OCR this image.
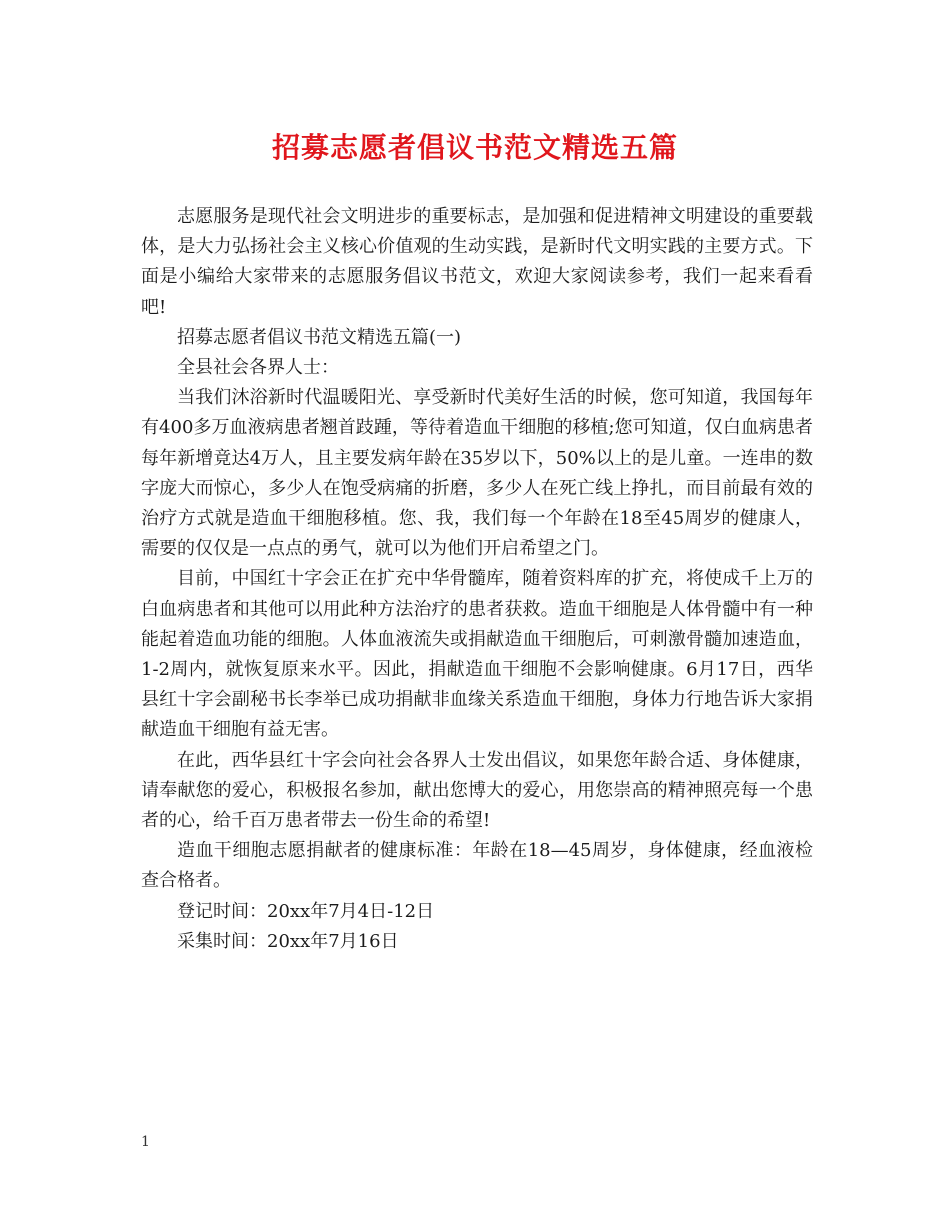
招募志愿者倡议书范文精选五篇

志愿服务是现代社会文明进步的重要标志，是加强和促进精神文明建设的重要载体，是大力弘扬社会主义核心价值观的生动实践，是新时代文明实践的主要方式。下面是小编给大家带来的志愿服务倡议书范文，欢迎大家阅读参考，我们一起来看看吧!

招募志愿者倡议书范文精选五篇(一)

全县社会各界人士：

当我们沐浴新时代温暖阳光、享受新时代美好生活的时候，您可知道，我国每年有400多万血液病患者翘首跂踵，等待着造血干细胞的移植;您可知道，仅白血病患者每年新增竟达4万人，且主要发病年龄在35岁以下，50%以上的是儿童。一连串的数字庞大而惊心，多少人在饱受病痛的折磨，多少人在死亡线上挣扎，而目前最有效的治疗方式就是造血干细胞移植。您、我，我们每一个年龄在18至45周岁的健康人，需要的仅仅是一点点的勇气，就可以为他们开启希望之门。

目前，中国红十字会正在扩充中华骨髓库，随着资料库的扩充，将使成千上万的白血病患者和其他可以用此种方法治疗的患者获救。造血干细胞是人体骨髓中有一种能起着造血功能的细胞。人体血液流失或捐献造血干细胞后，可刺激骨髓加速造血，1-2周内，就恢复原来水平。因此，捐献造血干细胞不会影响健康。6月17日，西华县红十字会副秘书长李举已成功捐献非血缘关系造血干细胞，身体力行地告诉大家捐献造血干细胞有益无害。

在此，西华县红十字会向社会各界人士发出倡议，如果您年龄合适、身体健康，请奉献您的爱心，积极报名参加，献出您博大的爱心，用您崇高的精神照亮每一个患者的心，给千百万患者带去一份生命的希望!

造血干细胞志愿捐献者的健康标准：年龄在18—45周岁，身体健康，经血液检查合格者。

登记时间：20xx年7月4日-12日

采集时间：20xx年7月16日

1
